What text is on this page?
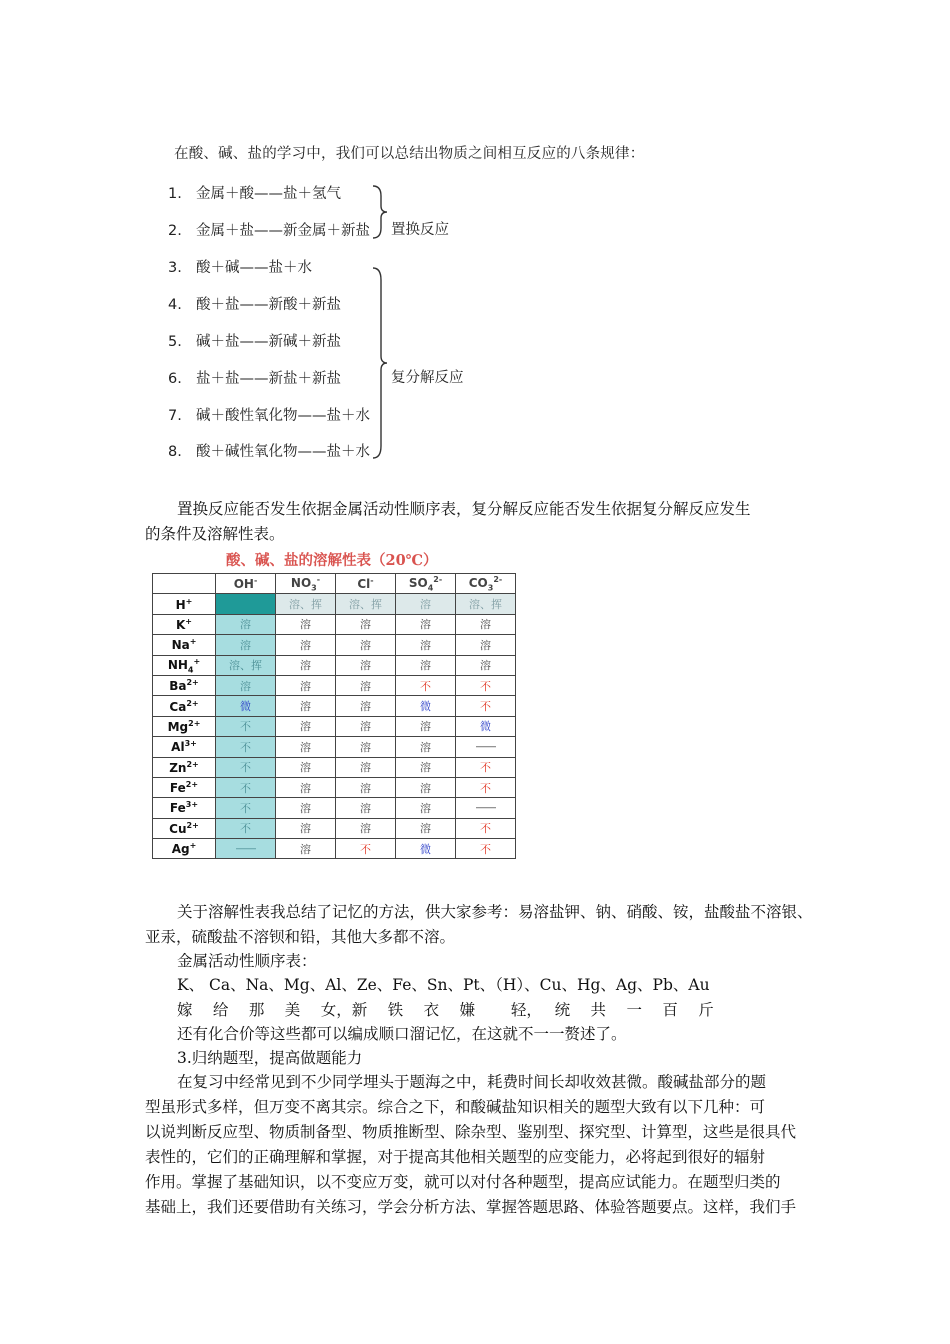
在酸、碱、盐的学习中，我们可以总结出物质之间相互反应的八条规律：
1. 金属＋酸——盐＋氢气
2. 金属＋盐——新金属＋新盐
3. 酸＋碱——盐＋水
4. 酸＋盐——新酸＋新盐
5. 碱＋盐——新碱＋新盐
6. 盐＋盐——新盐＋新盐
7. 碱＋酸性氧化物——盐＋水
8. 酸＋碱性氧化物——盐＋水
置换反应
复分解反应
置换反应能否发生依据金属活动性顺序表，复分解反应能否发生依据复分解反应发生
的条件及溶解性表。
酸、碱、盐的溶解性表（20℃）
	OH-	$NO_3^-$	Cl-	$SO_4^{2-}$	$CO_3^{2-}$
H+		溶、挥	溶、挥	溶	溶、挥
K+	溶	溶	溶	溶	溶
Na+	溶	溶	溶	溶	溶
$NH_4^+$	溶、挥	溶	溶	溶	溶
$Ba^{2+}$	溶	溶	溶	不	不
$Ca^{2+}$	微	溶	溶	微	不
$Mg^{2+}$	不	溶	溶	溶	微
$Al^{3+}$	不	溶	溶	溶	——
$Zn^{2+}$	不	溶	溶	溶	不
$Fe^{2+}$	不	溶	溶	溶	不
$Fe^{3+}$	不	溶	溶	溶	——
$Cu^{2+}$	不	溶	溶	溶	不
Ag+	——	溶	不	微	不
关于溶解性表我总结了记忆的方法，供大家参考：易溶盐钾、钠、硝酸、铵，盐酸盐不溶银、
亚汞，硫酸盐不溶钡和铅，其他大多都不溶。
金属活动性顺序表：
K、 Ca、Na、Mg、Al、Ze、Fe、Sn、Pt、（H）、Cu、Hg、Ag、Pb、Au
嫁　 给　 那　 美　 女，新　 铁　 衣　 嫌　　 轻，　 统　 共　 一　 百　 斤
还有化合价等这些都可以编成顺口溜记忆，在这就不一一赘述了。
3.归纳题型，提高做题能力
在复习中经常见到不少同学埋头于题海之中，耗费时间长却收效甚微。酸碱盐部分的题
型虽形式多样，但万变不离其宗。综合之下，和酸碱盐知识相关的题型大致有以下几种：可
以说判断反应型、物质制备型、物质推断型、除杂型、鉴别型、探究型、计算型，这些是很具代
表性的，它们的正确理解和掌握，对于提高其他相关题型的应变能力，必将起到很好的辐射
作用。掌握了基础知识，以不变应万变，就可以对付各种题型，提高应试能力。在题型归类的
基础上，我们还要借助有关练习，学会分析方法、掌握答题思路、体验答题要点。这样，我们手
